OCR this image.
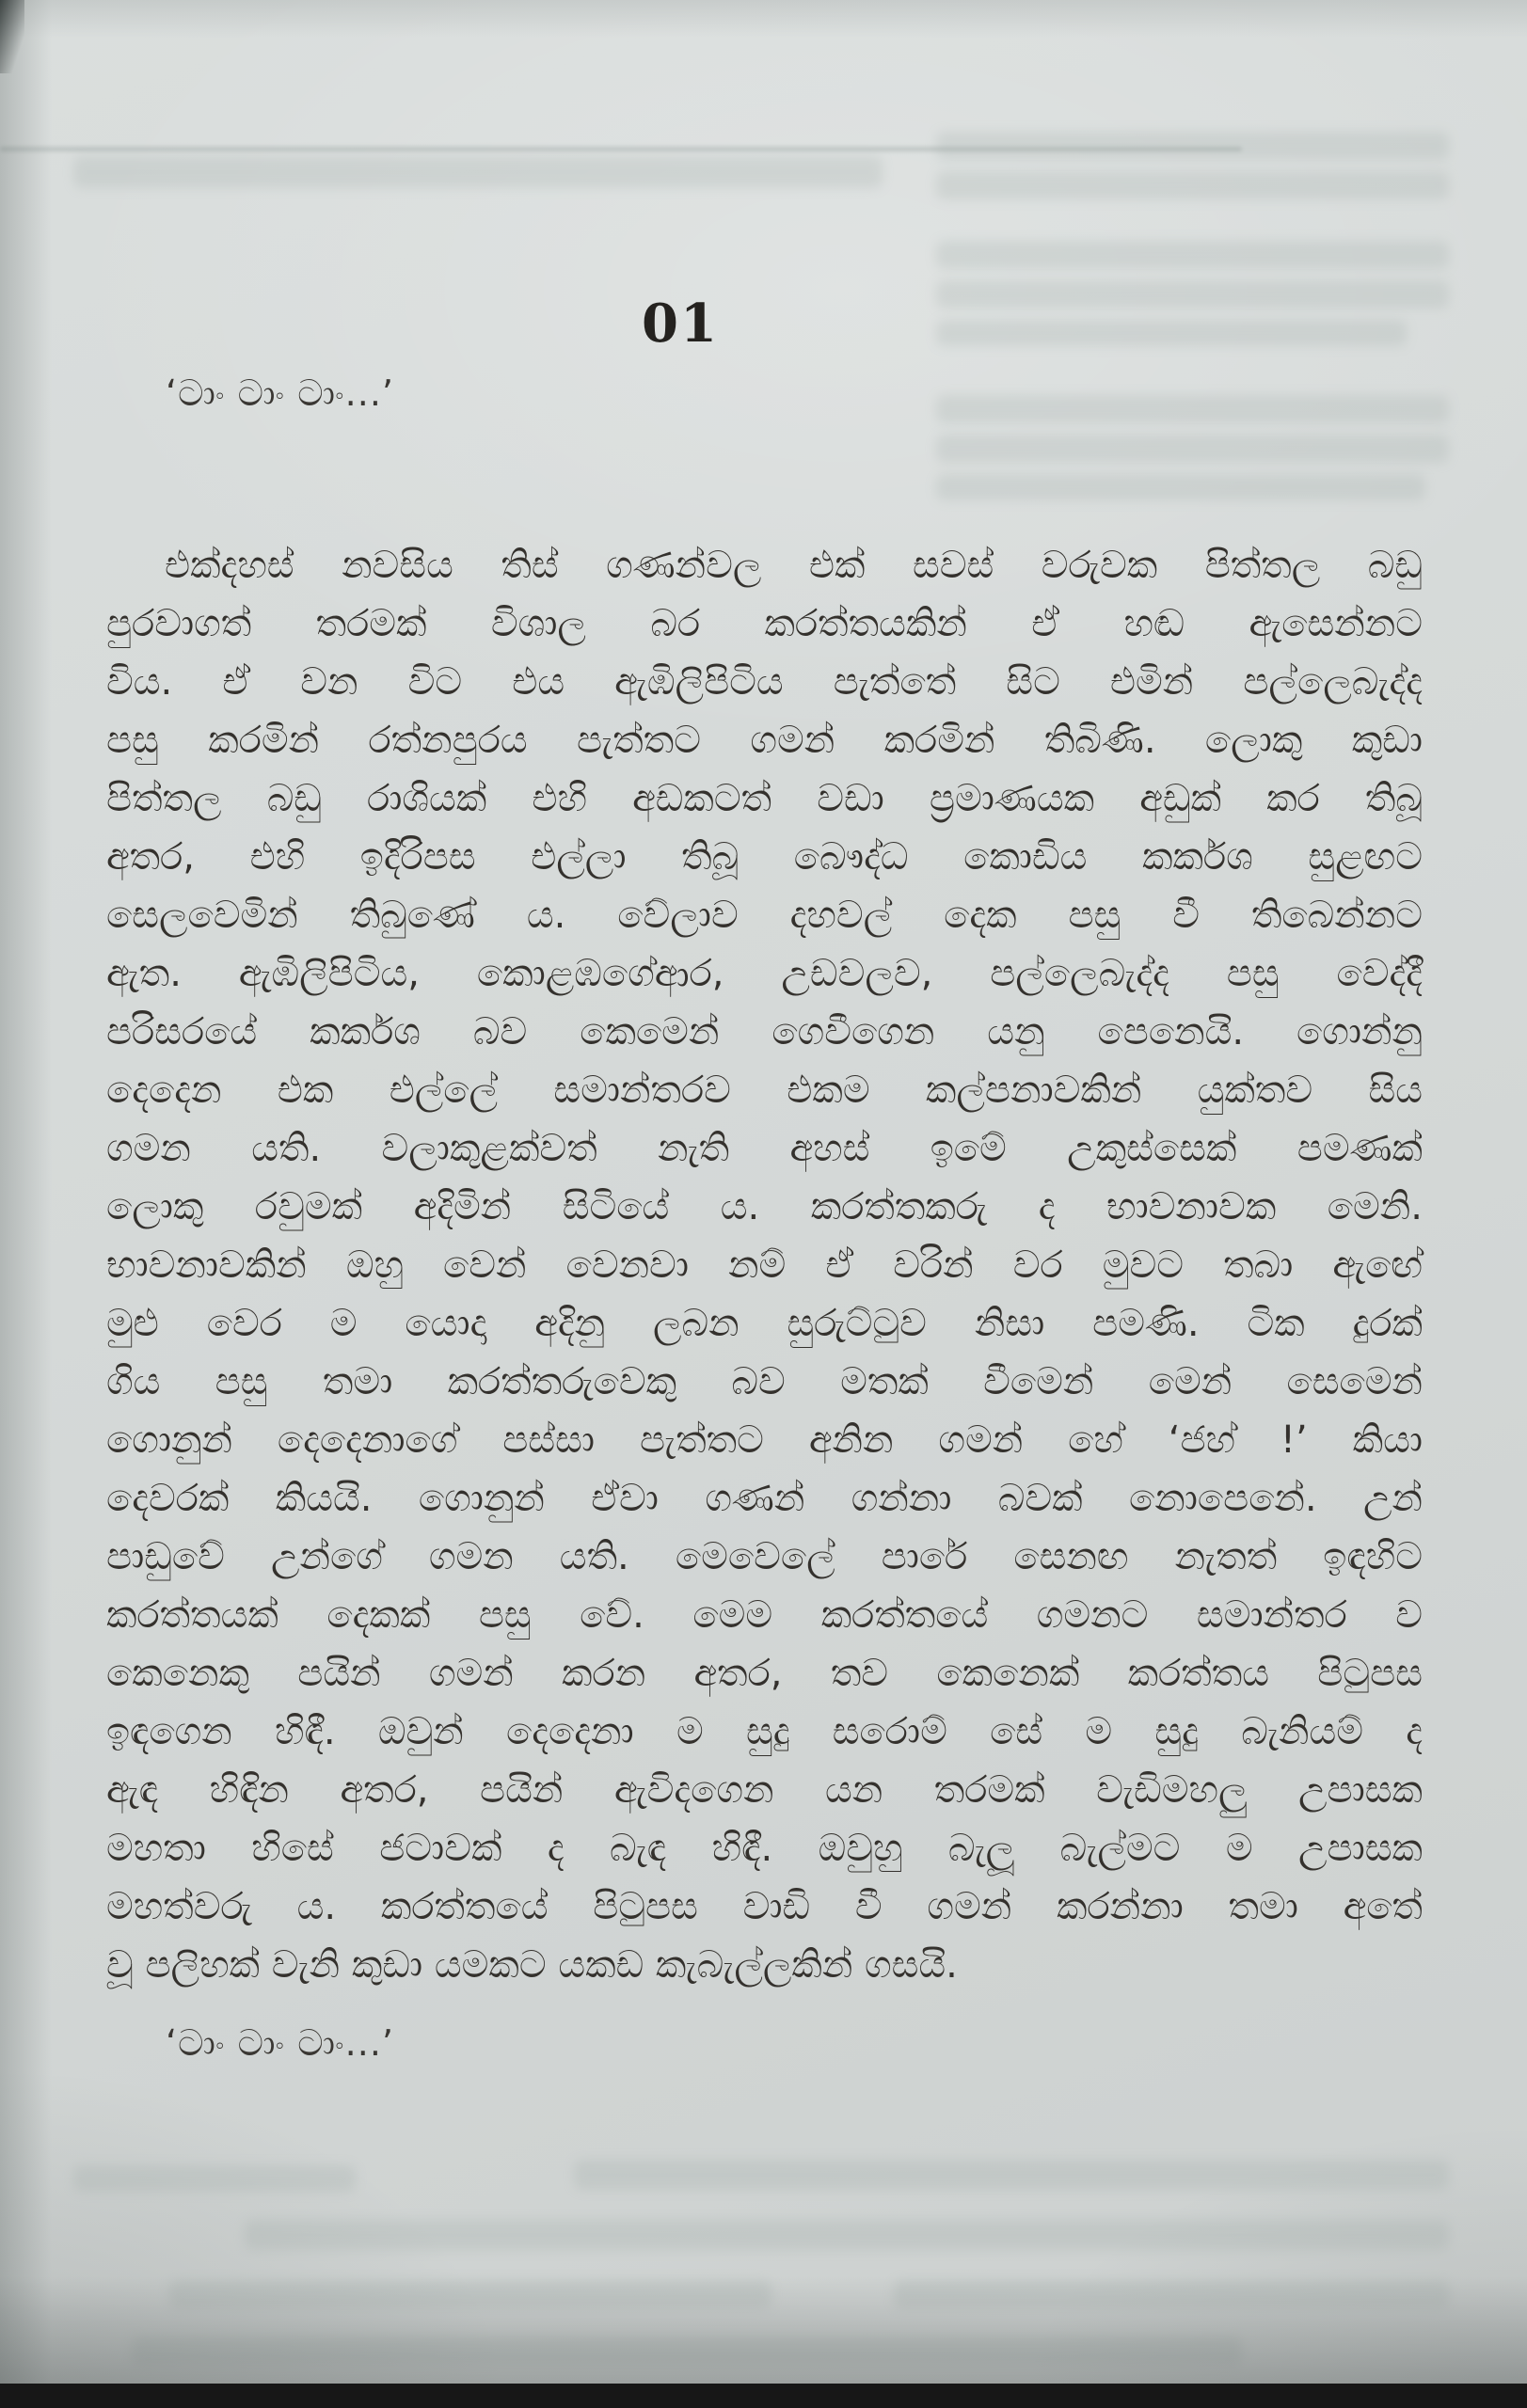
01
‘ටාං ටාං ටාං...’
එක්දහස් නවසිය තිස් ගණන්වල එක් සවස් වරුවක පිත්තල බඩු
පුරවාගත් තරමක් විශාල බර කරත්තයකින් ඒ හඬ ඇසෙන්නට
විය. ඒ වන විට එය ඇඹිලිපිටිය පැත්තේ සිට එමින් පල්ලෙබැද්ද
පසු කරමින් රත්නපුරය පැත්තට ගමන් කරමින් තිබිණි. ලොකු කුඩා
පිත්තල බඩු රාශියක් එහි අඩකටත් වඩා ප්‍රමාණයක අඩුක් කර තිබූ
අතර, එහි ඉදිරිපස එල්ලා තිබූ බෞද්ධ කොඩිය කර්කශ සුළඟට
සෙලවෙමින් තිබුණේ ය. වේලාව දහවල් දෙක පසු වී තිබෙන්නට
ඇත. ඇඹිලිපිටිය, කොළඹගේආර, උඩවලව, පල්ලෙබැද්ද පසු වෙද්දී
පරිසරයේ කර්කශ බව කෙමෙන් ගෙවීගෙන යනු පෙනෙයි. ගොන්නු
දෙදෙන එක එල්ලේ සමාන්තරව එකම කල්පනාවකින් යුක්තව සිය
ගමන යති. වලාකුළක්වත් නැති අහස් ඉමේ උකුස්සෙක් පමණක්
ලොකු රවුමක් අදිමින් සිටියේ ය. කරත්තකරු ද භාවනාවක මෙනි.
භාවනාවකින් ඔහු වෙන් වෙනවා නම් ඒ වරින් වර මුවට තබා ඇඟේ
මුළු වෙර ම යොදා අදිනු ලබන සුරුට්ටුව නිසා පමණි. ටික දුරක්
ගිය පසු තමා කරත්තරුවෙකු බව මතක් වීමෙන් මෙන් සෙමෙන්
ගොනුන් දෙදෙනාගේ පස්සා පැත්තට අනින ගමන් හේ ‘ජහ් !’ කියා
දෙවරක් කියයි. ගොනුන් ඒවා ගණන් ගන්නා බවක් නොපෙනේ. උන්
පාඩුවේ උන්ගේ ගමන යති. මෙවෙලේ පාරේ සෙනඟ නැතත් ඉඳහිට
කරත්තයක් දෙකක් පසු වේ. මෙම කරත්තයේ ගමනට සමාන්තර ව
කෙනෙකු පයින් ගමන් කරන අතර, තව කෙනෙක් කරත්තය පිටුපස
ඉඳගෙන හිඳී. ඔවුන් දෙදෙනා ම සුදු සරොම් සේ ම සුදු බැනියම් ද
ඇඳ හිඳින අතර, පයින් ඇවිදගෙන යන තරමක් වැඩිමහලු උපාසක
මහතා හිසේ ජටාවක් ද බැඳ හිඳී. ඔවුහු බැලූ බැල්මට ම උපාසක
මහත්වරු ය. කරත්තයේ පිටුපස වාඩි වී ගමන් කරන්නා තමා අතේ
වූ පලිහක් වැනි කුඩා යමකට යකඩ කැබැල්ලකින් ගසයි.
‘ටාං ටාං ටාං...’
